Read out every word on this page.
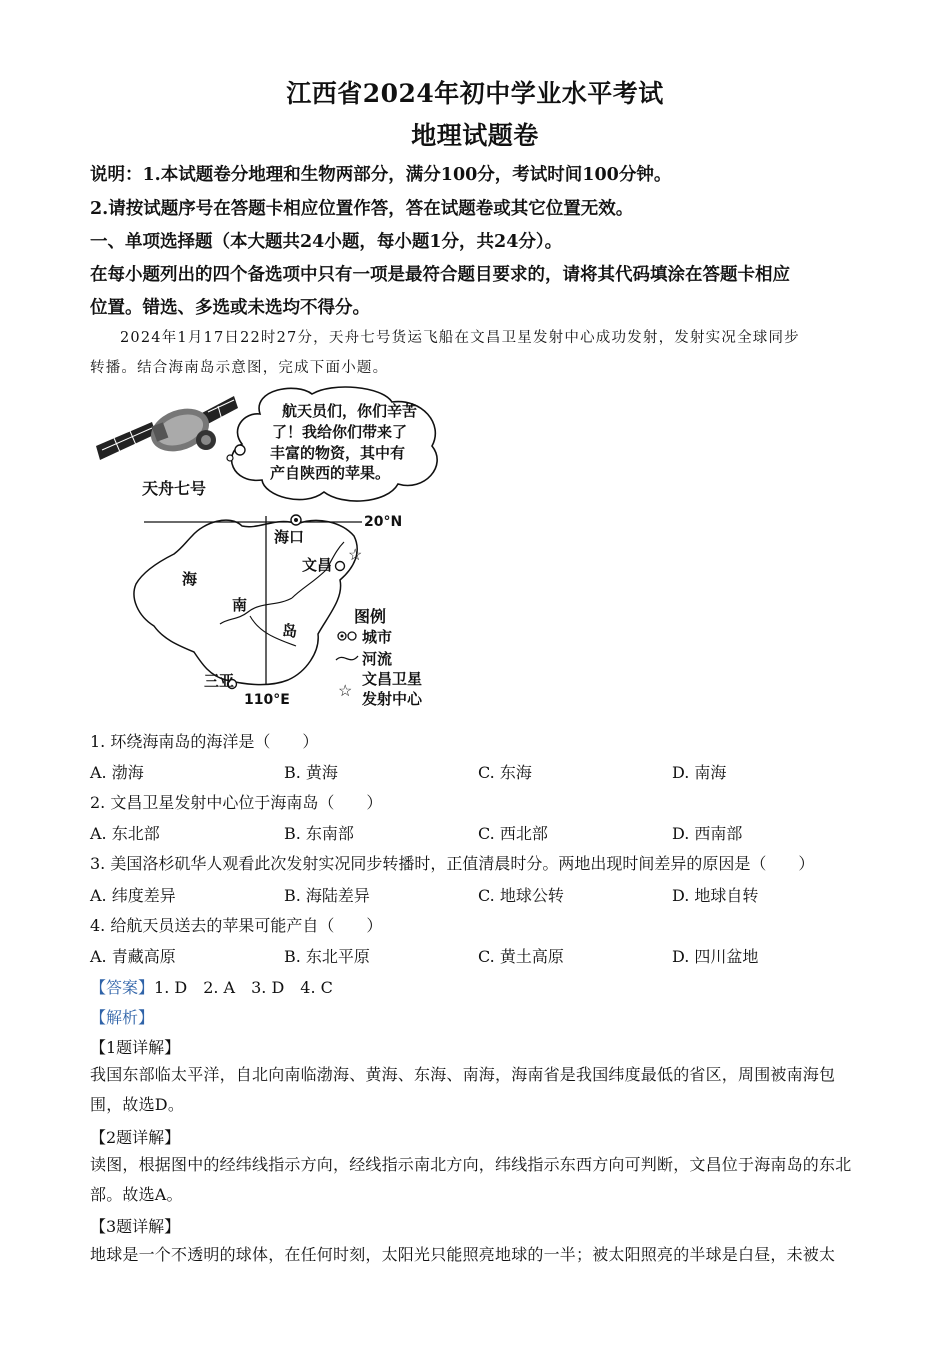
江西省2024年初中学业水平考试
地理试题卷
说明：1.本试题卷分地理和生物两部分，满分100分，考试时间100分钟。
2.请按试题序号在答题卡相应位置作答，答在试题卷或其它位置无效。
一、单项选择题（本大题共24小题，每小题1分，共24分）。
在每小题列出的四个备选项中只有一项是最符合题目要求的，请将其代码填涂在答题卡相应
位置。错选、多选或未选均不得分。
2024年1月17日22时27分，天舟七号货运飞船在文昌卫星发射中心成功发射，发射实况全球同步
转播。结合海南岛示意图，完成下面小题。
天舟七号
航天员们，你们辛苦
了！我给你们带来了
丰富的物资，其中有
产自陕西的苹果。
20°N
110°E
海口
文昌
☆
三亚
海
南
岛
图例
城市
河流
☆
文昌卫星
发射中心
1. 环绕海南岛的海洋是（　　）
A. 渤海	B. 黄海	C. 东海	D. 南海
2. 文昌卫星发射中心位于海南岛（　　）
A. 东北部	B. 东南部	C. 西北部	D. 西南部
3. 美国洛杉矶华人观看此次发射实况同步转播时，正值清晨时分。两地出现时间差异的原因是（　　）
A. 纬度差异	B. 海陆差异	C. 地球公转	D. 地球自转
4. 给航天员送去的苹果可能产自（　　）
A. 青藏高原	B. 东北平原	C. 黄土高原	D. 四川盆地
【答案】1. D　2. A　3. D　4. C
【解析】
【1题详解】
我国东部临太平洋，自北向南临渤海、黄海、东海、南海，海南省是我国纬度最低的省区，周围被南海包围，故选D。
【2题详解】
读图，根据图中的经纬线指示方向，经线指示南北方向，纬线指示东西方向可判断，文昌位于海南岛的东北部。故选A。
【3题详解】
地球是一个不透明的球体，在任何时刻，太阳光只能照亮地球的一半；被太阳照亮的半球是白昼，未被太
